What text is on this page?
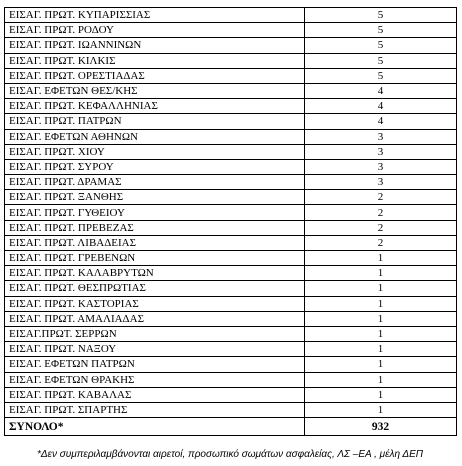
ΕΙΣΑΓ. ΠΡΩΤ. ΚΥΠΑΡΙΣΣΙΑΣ	5
ΕΙΣΑΓ. ΠΡΩΤ. ΡΟΔΟΥ	5
ΕΙΣΑΓ. ΠΡΩΤ. ΙΩΑΝΝΙΝΩΝ	5
ΕΙΣΑΓ. ΠΡΩΤ. ΚΙΛΚΙΣ	5
ΕΙΣΑΓ. ΠΡΩΤ. ΟΡΕΣΤΙΑΔΑΣ	5
ΕΙΣΑΓ. ΕΦΕΤΩΝ ΘΕΣ/ΚΗΣ	4
ΕΙΣΑΓ. ΠΡΩΤ. ΚΕΦΑΛΛΗΝΙΑΣ	4
ΕΙΣΑΓ. ΠΡΩΤ. ΠΑΤΡΩΝ	4
ΕΙΣΑΓ. ΕΦΕΤΩΝ ΑΘΗΝΩΝ	3
ΕΙΣΑΓ. ΠΡΩΤ. ΧΙΟΥ	3
ΕΙΣΑΓ. ΠΡΩΤ. ΣΥΡΟΥ	3
ΕΙΣΑΓ. ΠΡΩΤ. ΔΡΑΜΑΣ	3
ΕΙΣΑΓ. ΠΡΩΤ. ΞΑΝΘΗΣ	2
ΕΙΣΑΓ. ΠΡΩΤ. ΓΥΘΕΙΟΥ	2
ΕΙΣΑΓ. ΠΡΩΤ. ΠΡΕΒΕΖΑΣ	2
ΕΙΣΑΓ. ΠΡΩΤ. ΛΙΒΑΔΕΙΑΣ	2
ΕΙΣΑΓ. ΠΡΩΤ. ΓΡΕΒΕΝΩΝ	1
ΕΙΣΑΓ. ΠΡΩΤ. ΚΑΛΑΒΡΥΤΩΝ	1
ΕΙΣΑΓ. ΠΡΩΤ. ΘΕΣΠΡΩΤΙΑΣ	1
ΕΙΣΑΓ. ΠΡΩΤ. ΚΑΣΤΟΡΙΑΣ	1
ΕΙΣΑΓ. ΠΡΩΤ. ΑΜΑΛΙΑΔΑΣ	1
ΕΙΣΑΓ.ΠΡΩΤ. ΣΕΡΡΩΝ	1
ΕΙΣΑΓ. ΠΡΩΤ. ΝΑΞΟΥ	1
ΕΙΣΑΓ. ΕΦΕΤΩΝ ΠΑΤΡΩΝ	1
ΕΙΣΑΓ. ΕΦΕΤΩΝ ΘΡΑΚΗΣ	1
ΕΙΣΑΓ. ΠΡΩΤ. ΚΑΒΑΛΑΣ	1
ΕΙΣΑΓ. ΠΡΩΤ. ΣΠΑΡΤΗΣ	1
ΣΥΝΟΛΟ*	932
*Δεν συμπεριλαμβάνονται αιρετοί, προσωπικό σωμάτων ασφαλείας, ΛΣ –ΕΑ , μέλη ΔΕΠ
